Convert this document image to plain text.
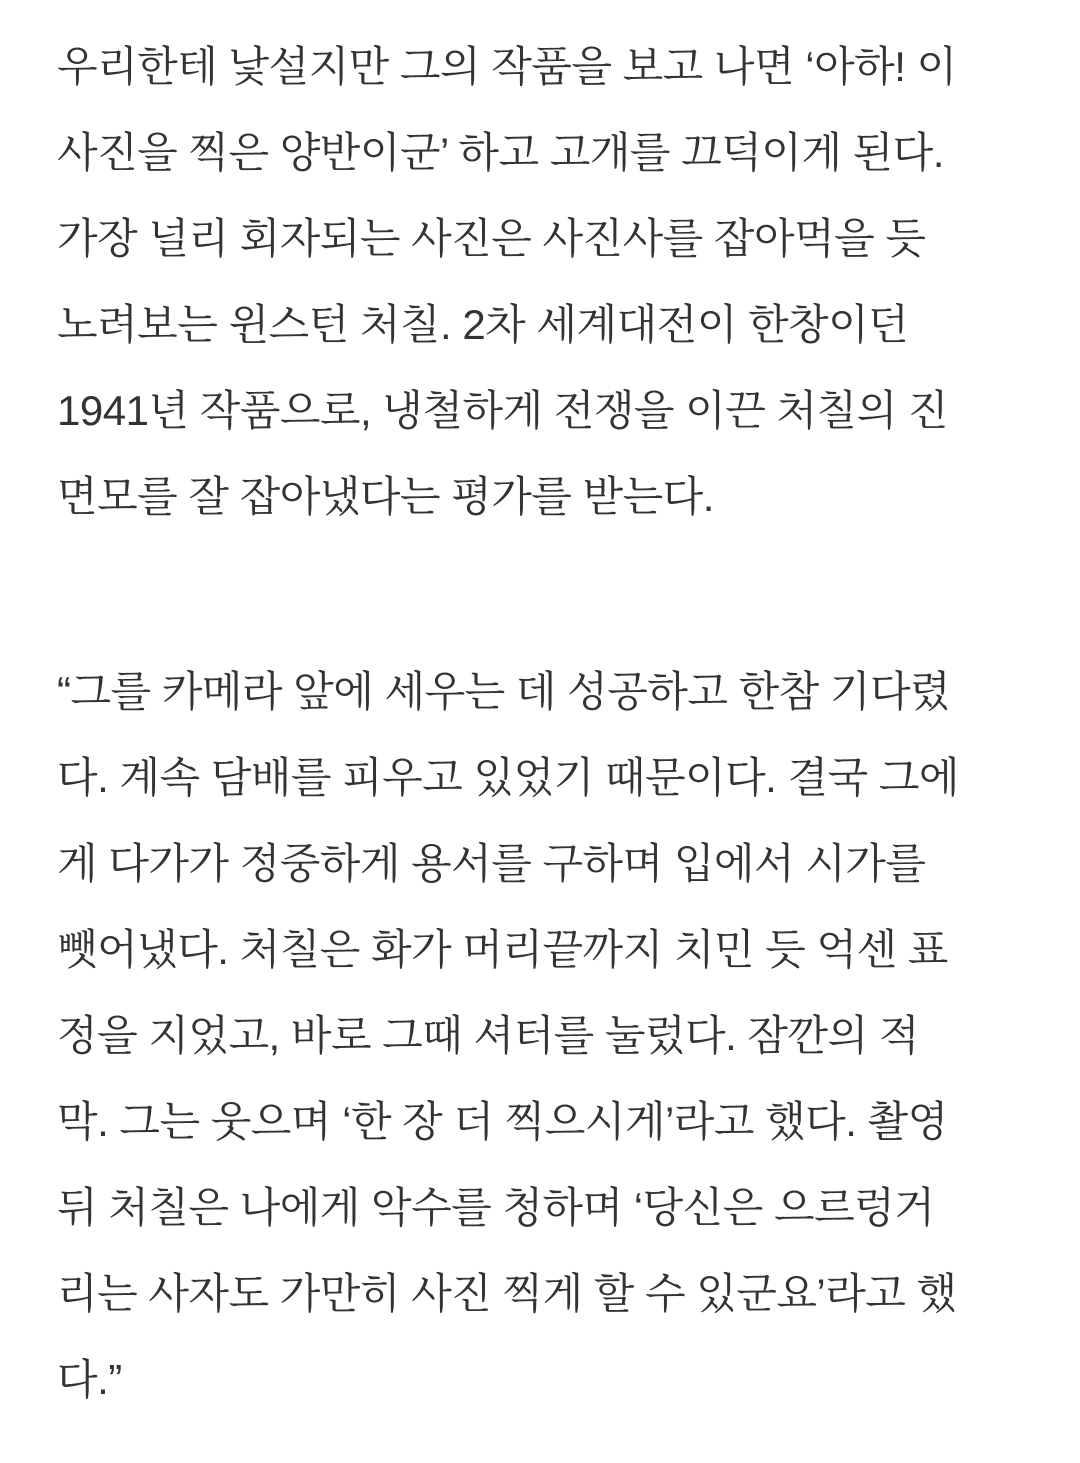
우리한테 낯설지만 그의 작품을 보고 나면 ‘아하! 이
사진을 찍은 양반이군’ 하고 고개를 끄덕이게 된다.
가장 널리 회자되는 사진은 사진사를 잡아먹을 듯
노려보는 윈스턴 처칠. 2차 세계대전이 한창이던
1941년 작품으로, 냉철하게 전쟁을 이끈 처칠의 진
면모를 잘 잡아냈다는 평가를 받는다.
“그를 카메라 앞에 세우는 데 성공하고 한참 기다렸
다. 계속 담배를 피우고 있었기 때문이다. 결국 그에
게 다가가 정중하게 용서를 구하며 입에서 시가를
뺏어냈다. 처칠은 화가 머리끝까지 치민 듯 억센 표
정을 지었고, 바로 그때 셔터를 눌렀다. 잠깐의 적
막. 그는 웃으며 ‘한 장 더 찍으시게’라고 했다. 촬영
뒤 처칠은 나에게 악수를 청하며 ‘당신은 으르렁거
리는 사자도 가만히 사진 찍게 할 수 있군요’라고 했
다.”
